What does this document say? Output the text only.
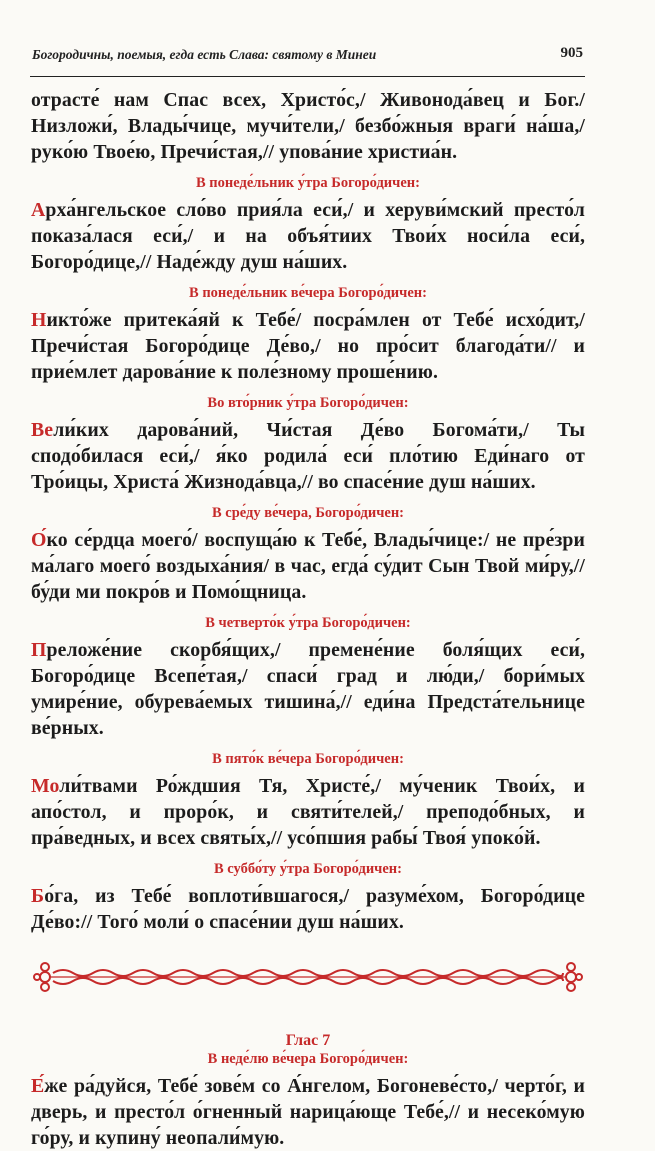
Богородичны, поемыя, егда есть Слава: святому в Минеи	905

отрасте́ нам Спас всех, Христо́с,/ Живонода́вец и Бог./ Низложи́, Влады́чице, мучи́тели,/ безбо́жныя враги́ на́ша,/ руко́ю Твое́ю, Пречи́стая,// упова́ние христиа́н.

В понеде́льник у́тра Богоро́дичен:

Арха́нгельское сло́во прия́ла еси́,/ и херуви́мский престо́л показа́лася еси́,/ и на объя́тиих Твои́х носи́ла еси́, Богоро́дице,// Наде́жду душ на́ших.

В понеде́льник ве́чера Богоро́дичен:

Никто́же притека́яй к Тебе́/ посра́млен от Тебе́ исхо́дит,/ Пречи́стая Богоро́дице Де́во,/ но про́сит благода́ти// и прие́млет дарова́ние к поле́зному проше́нию.

Во вто́рник у́тра Богоро́дичен:

Вели́ких дарова́ний, Чи́стая Де́во Богома́ти,/ Ты сподо́билася еси́,/ я́ко родила́ еси́ пло́тию Еди́наго от Тро́ицы, Христа́ Жизнода́вца,// во спасе́ние душ на́ших.

В сре́ду ве́чера, Богоро́дичен:

О́ко се́рдца моего́/ воспуща́ю к Тебе́, Влады́чице:/ не пре́зри ма́лаго моего́ воздыха́ния/ в час, егда́ су́дит Сын Твой ми́ру,// бу́ди ми покро́в и Помо́щница.

В четверто́к у́тра Богоро́дичен:

Преложе́ние скорбя́щих,/ премене́ние боля́щих еси́, Богоро́дице Всепе́тая,/ спаси́ град и лю́ди,/ бори́мых умире́ние, обурева́емых тишина́,// еди́на Предста́тельнице ве́рных.

В пято́к ве́чера Богоро́дичен:

Моли́твами Ро́ждшия Тя, Христе́,/ му́ченик Твои́х, и апо́стол, и проро́к, и святи́телей,/ преподо́бных, и пра́ведных, и всех святы́х,// усо́пшия рабы́ Твоя́ упоко́й.

В суббо́ту у́тра Богоро́дичен:

Бо́га, из Тебе́ воплоти́вшагося,/ разуме́хом, Богоро́дице Де́во:// Того́ моли́ о спасе́нии душ на́ших.

Глас 7
В неде́лю ве́чера Богоро́дичен:

Е́же ра́дуйся, Тебе́ зове́м со А́нгелом, Богоневе́сто,/ черто́г, и дверь, и престо́л о́гненный нарица́юще Тебе́,// и несеко́мую го́ру, и купину́ неопали́мую.
